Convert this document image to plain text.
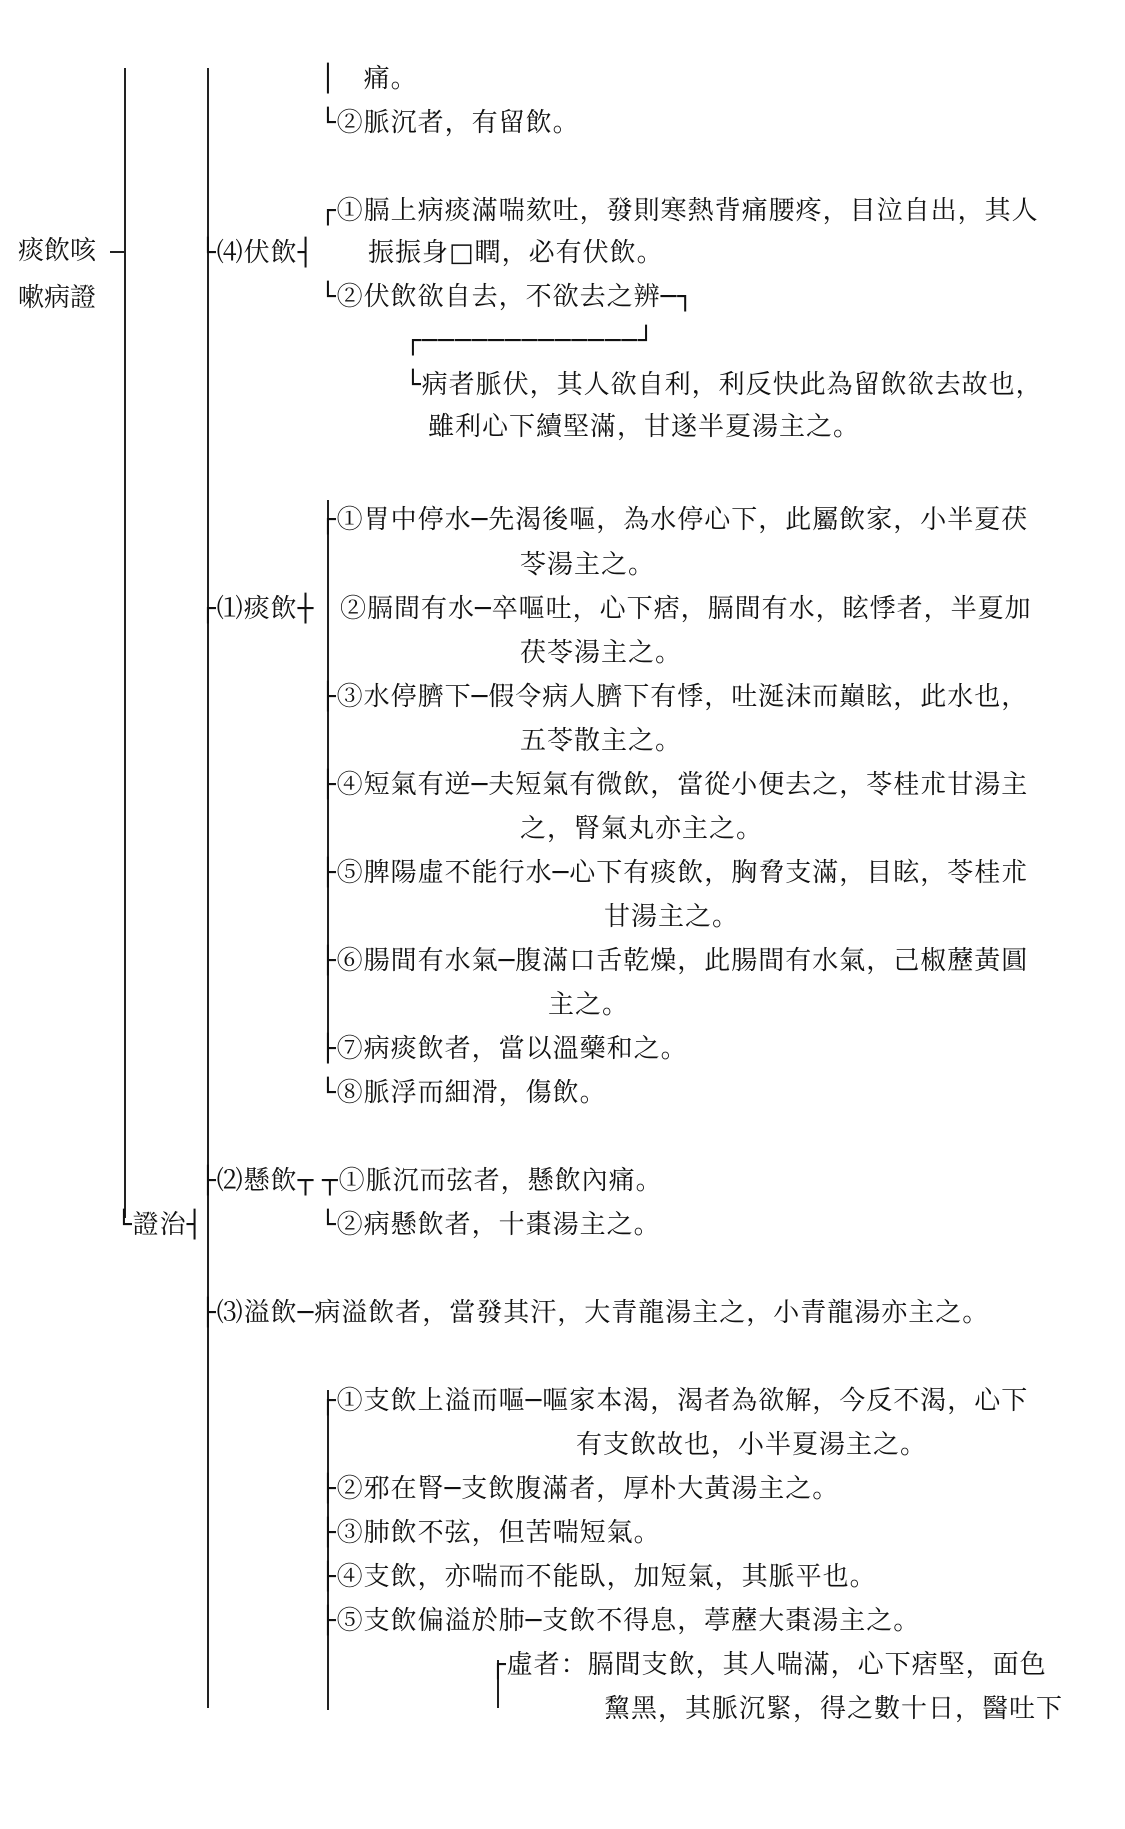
痰飲咳
嗽病證
│　痛。
└②脈沉者，有留飲。
┌①膈上病痰滿喘欬吐，發則寒熱背痛腰疼，目泣自出，其人
└⑷伏飲┤ 振振身□瞤，必有伏飲。
└②伏飲欲自去，不欲去之辨─┐
┌─────────────┘
└病者脈伏，其人欲自利，利反快此為留飲欲去故也，
雖利心下續堅滿，甘遂半夏湯主之。
┌①胃中停水─先渴後嘔，為水停心下，此屬飲家，小半夏茯
苓湯主之。
┌⑴痰飲┼ ②膈間有水─卒嘔吐，心下痞，膈間有水，眩悸者，半夏加
茯苓湯主之。
├③水停臍下─假令病人臍下有悸，吐涎沫而巔眩，此水也，
五苓散主之。
├④短氣有逆─夫短氣有微飲，當從小便去之，苓桂朮甘湯主
之，腎氣丸亦主之。
├⑤脾陽虛不能行水─心下有痰飲，胸脅支滿，目眩，苓桂朮
甘湯主之。
├⑥腸間有水氣─腹滿口舌乾燥，此腸間有水氣，己椒藶黃圓
主之。
├⑦病痰飲者，當以溫藥和之。
└⑧脈浮而細滑，傷飲。
├⑵懸飲┬ ┬①脈沉而弦者，懸飲內痛。
└證治┤	└②病懸飲者，十棗湯主之。
├⑶溢飲─病溢飲者，當發其汗，大青龍湯主之，小青龍湯亦主之。
┌①支飲上溢而嘔─嘔家本渴，渴者為欲解，今反不渴，心下
有支飲故也，小半夏湯主之。
├②邪在腎─支飲腹滿者，厚朴大黃湯主之。
├③肺飲不弦，但苦喘短氣。
├④支飲，亦喘而不能臥，加短氣，其脈平也。
├⑤支飲偏溢於肺─支飲不得息，葶藶大棗湯主之。
┌虛者：膈間支飲，其人喘滿，心下痞堅，面色
黧黑，其脈沉緊，得之數十日，醫吐下
